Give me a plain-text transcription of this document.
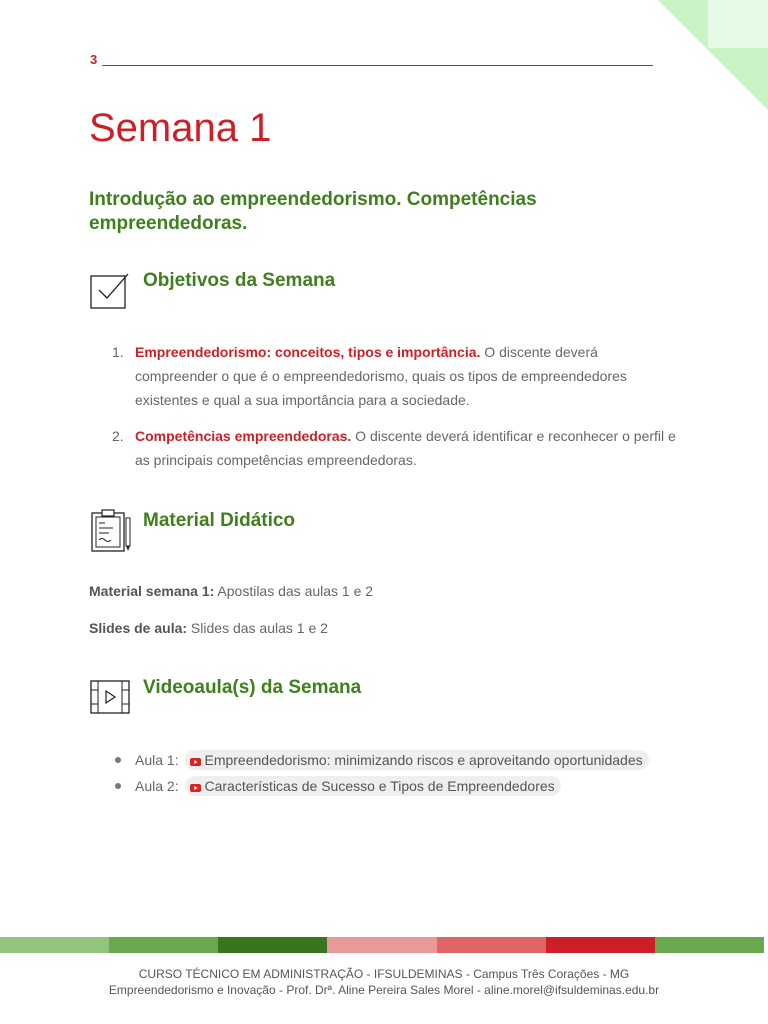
3
Semana 1
Introdução ao empreendedorismo. Competências empreendedoras.
Objetivos da Semana
1. Empreendedorismo: conceitos, tipos e importância. O discente deverá compreender o que é o empreendedorismo, quais os tipos de empreendedores existentes e qual a sua importância para a sociedade.
2. Competências empreendedoras. O discente deverá identificar e reconhecer o perfil e as principais competências empreendedoras.
Material Didático

Material semana 1: Apostilas das aulas 1 e 2

Slides de aula: Slides das aulas 1 e 2

Videoaula(s) da Semana
Aula 1: Empreendedorismo: minimizando riscos e aproveitando oportunidades
Aula 2: Características de Sucesso e Tipos de Empreendedores
CURSO TÉCNICO EM ADMINISTRAÇÃO - IFSULDEMINAS - Campus Três Corações - MG
Empreendedorismo e Inovação - Prof. Drª. Aline Pereira Sales Morel - aline.morel@ifsuldeminas.edu.br
